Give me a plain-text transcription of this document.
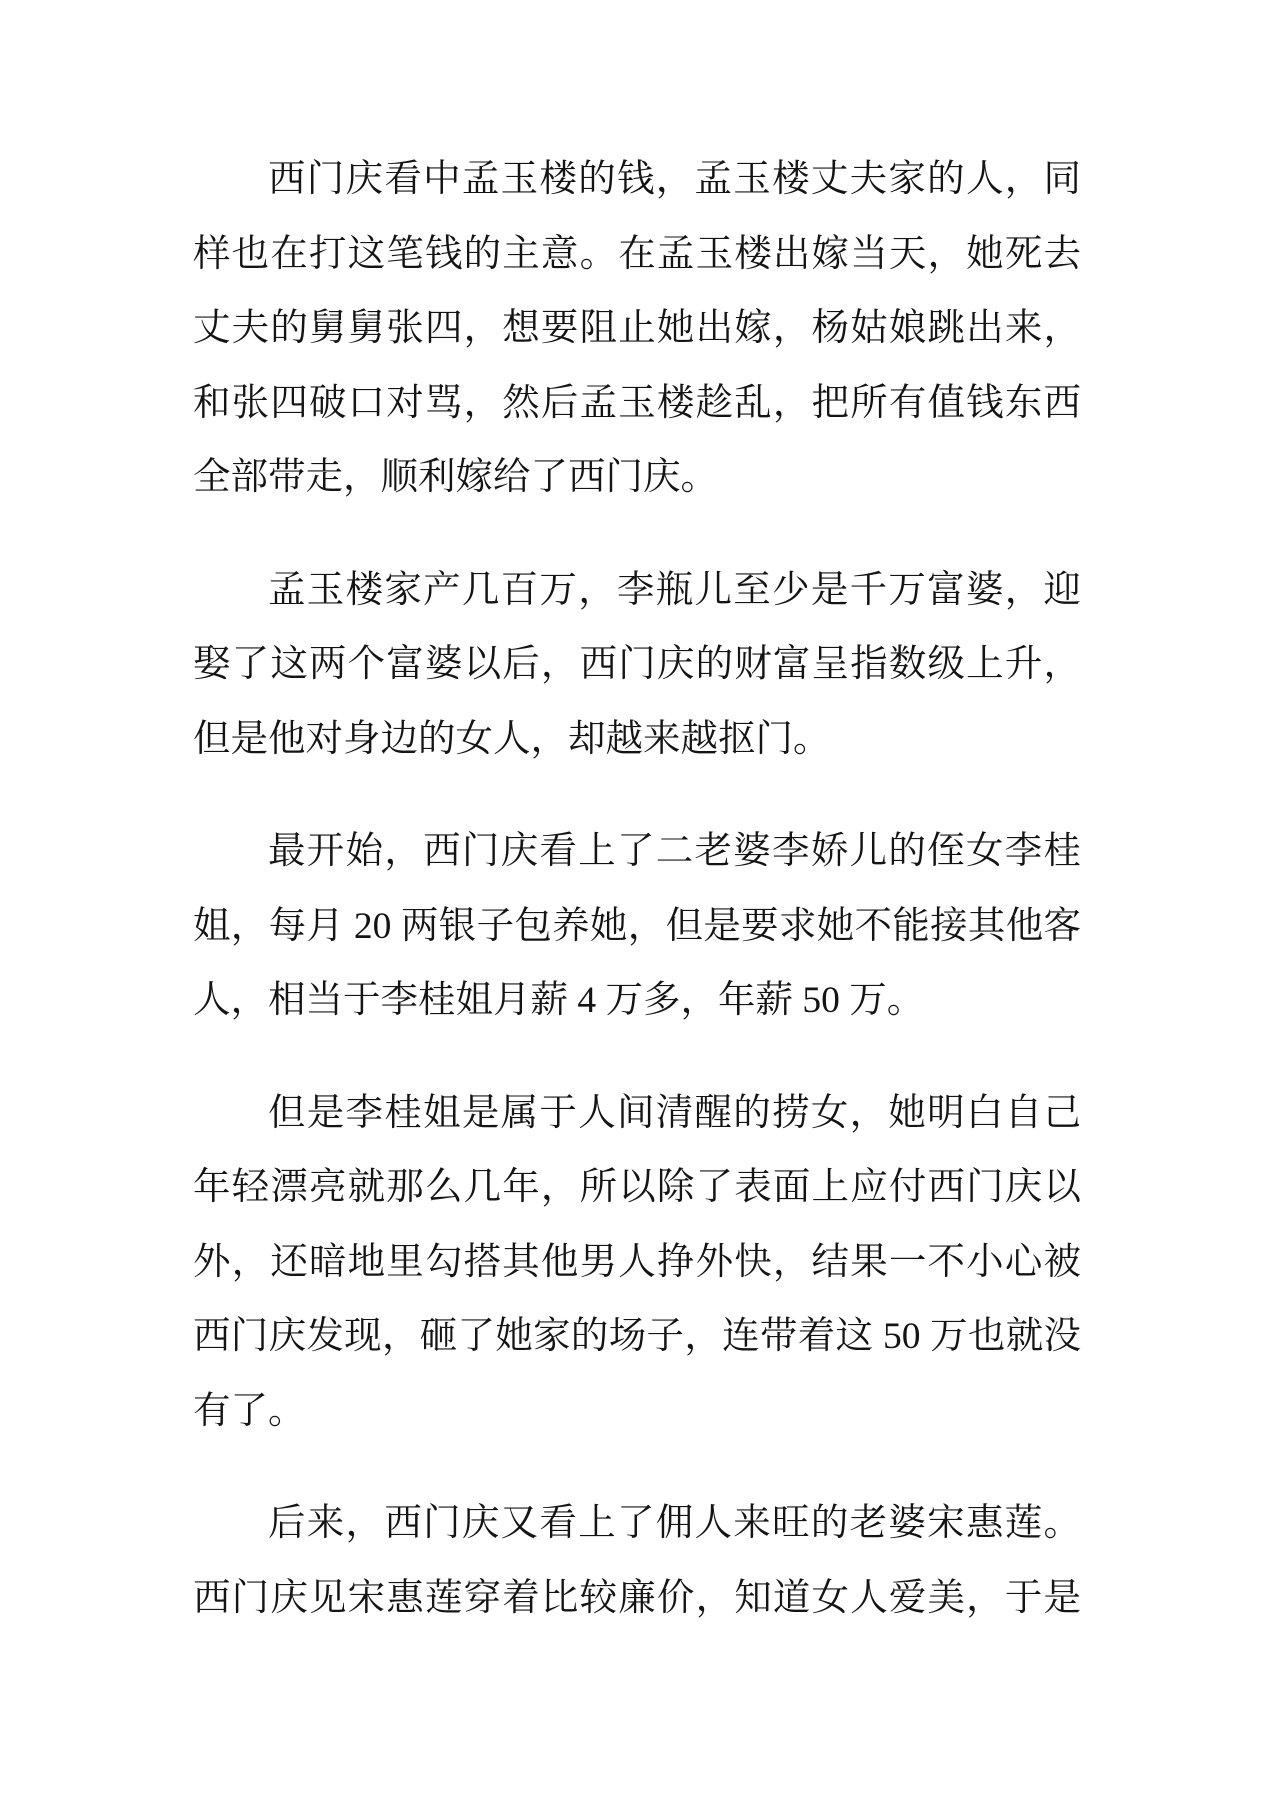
西门庆看中孟玉楼的钱，孟玉楼丈夫家的人，同
样也在打这笔钱的主意。在孟玉楼出嫁当天，她死去
丈夫的舅舅张四，想要阻止她出嫁，杨姑娘跳出来，
和张四破口对骂，然后孟玉楼趁乱，把所有值钱东西
全部带走，顺利嫁给了西门庆。
孟玉楼家产几百万，李瓶儿至少是千万富婆，迎
娶了这两个富婆以后，西门庆的财富呈指数级上升，
但是他对身边的女人，却越来越抠门。
最开始，西门庆看上了二老婆李娇儿的侄女李桂
姐，每月 20 两银子包养她，但是要求她不能接其他客
人，相当于李桂姐月薪 4 万多，年薪 50 万。
但是李桂姐是属于人间清醒的捞女，她明白自己
年轻漂亮就那么几年，所以除了表面上应付西门庆以
外，还暗地里勾搭其他男人挣外快，结果一不小心被
西门庆发现，砸了她家的场子，连带着这 50 万也就没
有了。
后来，西门庆又看上了佣人来旺的老婆宋惠莲。
西门庆见宋惠莲穿着比较廉价，知道女人爱美，于是
